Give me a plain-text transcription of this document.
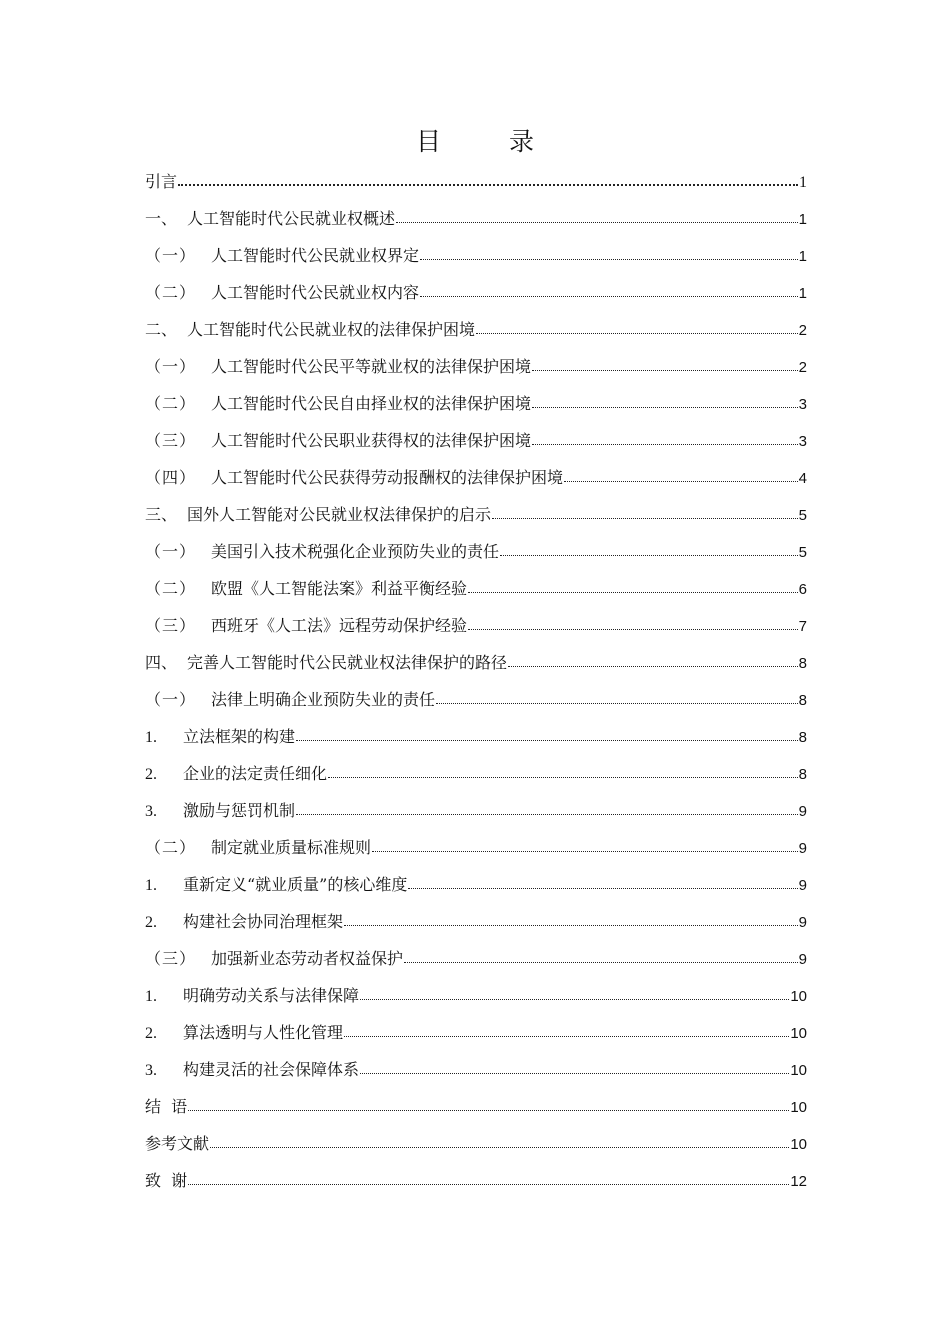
目 录
引言	1
一、 人工智能时代公民就业权概述	1
（一） 人工智能时代公民就业权界定	1
（二） 人工智能时代公民就业权内容	1
二、 人工智能时代公民就业权的法律保护困境	2
（一） 人工智能时代公民平等就业权的法律保护困境	2
（二） 人工智能时代公民自由择业权的法律保护困境	3
（三） 人工智能时代公民职业获得权的法律保护困境	3
（四） 人工智能时代公民获得劳动报酬权的法律保护困境	4
三、 国外人工智能对公民就业权法律保护的启示	5
（一） 美国引入技术税强化企业预防失业的责任	5
（二） 欧盟《人工智能法案》利益平衡经验	6
（三） 西班牙《人工法》远程劳动保护经验	7
四、 完善人工智能时代公民就业权法律保护的路径	8
（一） 法律上明确企业预防失业的责任	8
1.	立法框架的构建	8
2.	企业的法定责任细化	8
3.	激励与惩罚机制	9
（二） 制定就业质量标准规则	9
1.	重新定义“就业质量”的核心维度	9
2.	构建社会协同治理框架	9
（三） 加强新业态劳动者权益保护	9
1.	明确劳动关系与法律保障	10
2.	算法透明与人性化管理	10
3.	构建灵活的社会保障体系	10
结  语	10
参考文献	10
致  谢	12
